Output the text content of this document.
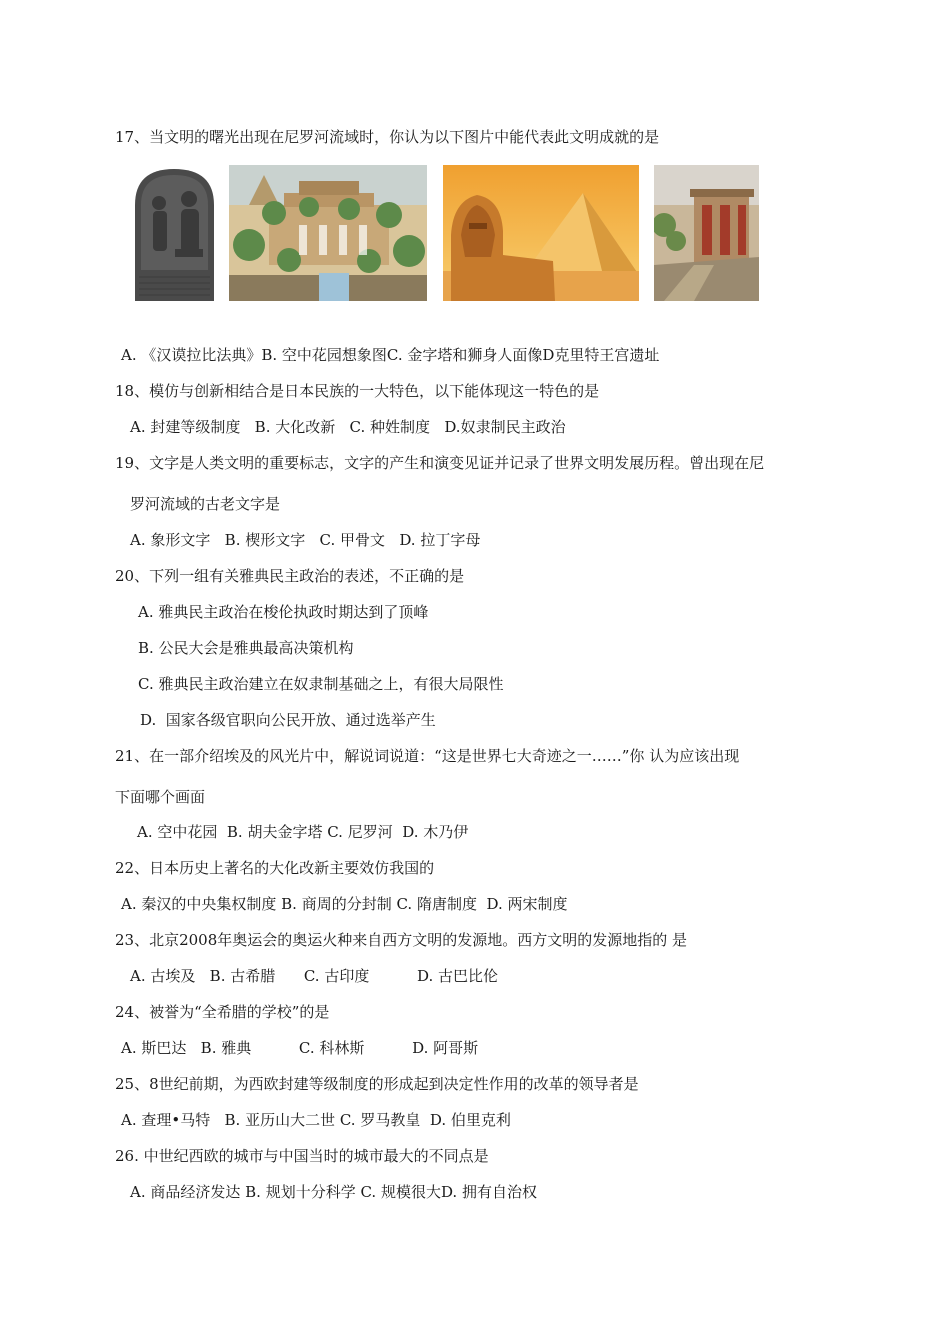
17、当文明的曙光出现在尼罗河流域时，你认为以下图片中能代表此文明成就的是
A. 《汉谟拉比法典》B. 空中花园想象图C. 金字塔和狮身人面像D克里特王宫遗址
18、模仿与创新相结合是日本民族的一大特色，以下能体现这一特色的是
A. 封建等级制度   B. 大化改新   C. 种姓制度   D.奴隶制民主政治
19、文字是人类文明的重要标志，文字的产生和演变见证并记录了世界文明发展历程。曾出现在尼
罗河流域的古老文字是
A. 象形文字   B. 楔形文字   C. 甲骨文   D. 拉丁字母
20、下列一组有关雅典民主政治的表述，不正确的是
A. 雅典民主政治在梭伦执政时期达到了顶峰
B. 公民大会是雅典最高决策机构
C. 雅典民主政治建立在奴隶制基础之上，有很大局限性
D.  国家各级官职向公民开放、通过选举产生
21、在一部介绍埃及的风光片中，解说词说道：“这是世界七大奇迹之一……”你 认为应该出现
下面哪个画面
A. 空中花园  B. 胡夫金字塔 C. 尼罗河  D. 木乃伊
22、日本历史上著名的大化改新主要效仿我国的
A. 秦汉的中央集权制度 B. 商周的分封制 C. 隋唐制度  D. 两宋制度
23、北京2008年奥运会的奥运火种来自西方文明的发源地。西方文明的发源地指的 是
A. 古埃及   B. 古希腊      C. 古印度          D. 古巴比伦
24、被誉为“全希腊的学校”的是
A. 斯巴达   B. 雅典          C. 科林斯          D. 阿哥斯
25、8世纪前期，为西欧封建等级制度的形成起到决定性作用的改革的领导者是
A. 查理•马特   B. 亚历山大二世 C. 罗马教皇  D. 伯里克利
26. 中世纪西欧的城市与中国当时的城市最大的不同点是
A. 商品经济发达 B. 规划十分科学 C. 规模很大D. 拥有自治权
